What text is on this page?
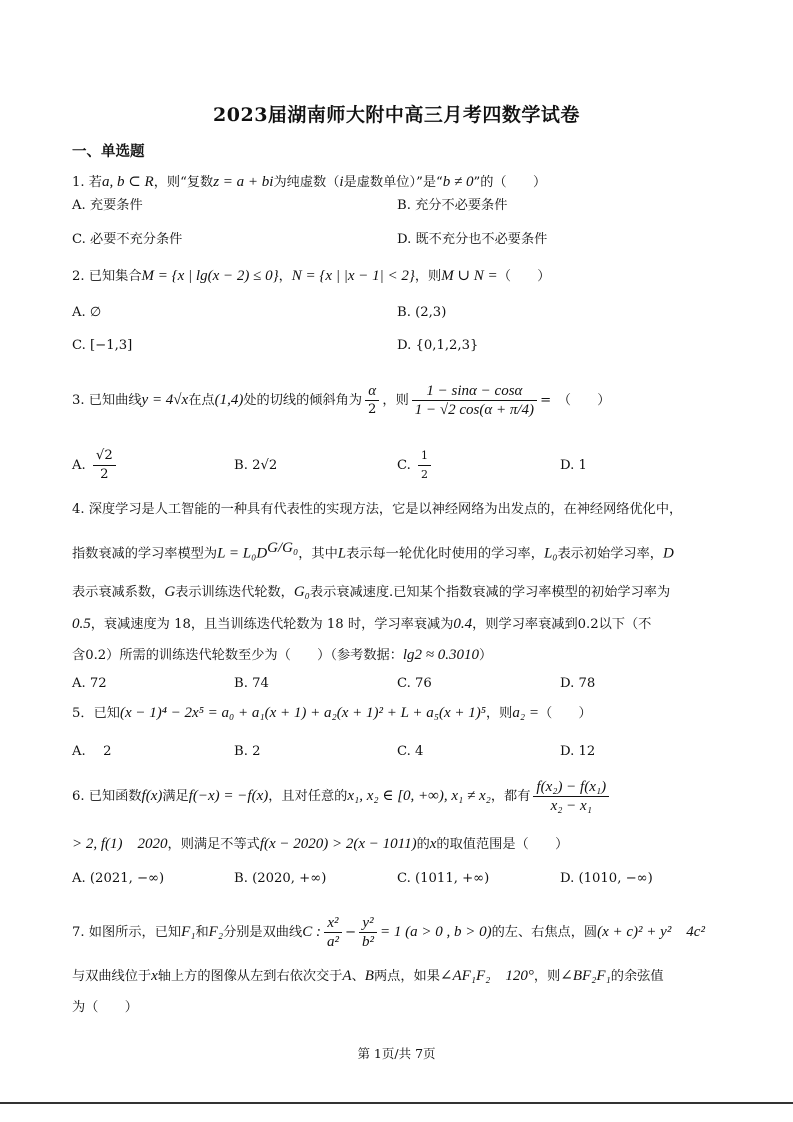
2023届湖南师大附中高三月考四数学试卷
一、单选题
1. 若a, b ⊂ R，则“复数z = a + bi为纯虚数（i是虚数单位）”是“b ≠ 0”的（　　）
A. 充要条件	B. 充分不必要条件
C. 必要不充分条件	D. 既不充分也不必要条件
2. 已知集合M = {x | lg(x − 2) ≤ 0}，N = {x | |x − 1| < 2}，则M ∪ N =（　　）
A. ∅	B. (2,3)
C. [−1,3]	D. {0,1,2,3}
3. 已知曲线y = 4√x在点(1,4)处的切线的倾斜角为 $\frac{\alpha}{2}$ ，则 $\frac{1 - \sin\alpha - \cos\alpha}{1 - √2 \cos(\alpha + \pi/4)}$ =　 （　　）
A. $\frac{√2}{2}$	B. 2√2	C. $\frac{1}{2}$	D. 1
4. 深度学习是人工智能的一种具有代表性的实现方法，它是以神经网络为出发点的，在神经网络优化中，
指数衰减的学习率模型为$L = L_0D^{G/G_0}$，其中L表示每一轮优化时使用的学习率，L₀表示初始学习率，D
表示衰减系数，G表示训练迭代轮数，G₀表示衰减速度.已知某个指数衰减的学习率模型的初始学习率为
0.5，衰减速度为 18，且当训练迭代轮数为 18 时，学习率衰减为0.4，则学习率衰减到0.2以下（不
含0.2）所需的训练迭代轮数至少为（　　）（参考数据：lg2 ≈ 0.3010）
A. 72	B. 74	C. 76	D. 78
5．已知(x − 1)⁴ − 2x⁵ = a₀ + a₁(x + 1) + a₂(x + 1)² + L + a₅(x + 1)⁵，则a₂ =（　　）
A.　 2	B. 2	C. 4	D. 12
6. 已知函数f(x)满足f(−x) = −f(x)，且对任意的x₁, x₂ ∈ [0, +∞), x₁ ≠ x₂，都有 $\frac{\text{f(x₂) − f(x₁)}}{\text{x₂ − x₁}}$
> 2, f(1)　2020，则满足不等式f(x − 2020) > 2(x − 1011)的x的取值范围是（　　）
A. (2021, −∞)	B. (2020, +∞)	C. (1011, +∞)	D. (1010, −∞)
7. 如图所示，已知F₁和F₂分别是双曲线C : $\frac{\text{x²}}{\text{a²}} - \frac{\text{y²}}{\text{b²}} = 1$ (a > 0 , b > 0)的左、右焦点，圆(x + c)² + y²　4c²
与双曲线位于x轴上方的图像从左到右依次交于A、B两点，如果∠AF₁F₂　120°，则∠BF₂F₁的余弦值
为（　　）
第 1页/共 7页
